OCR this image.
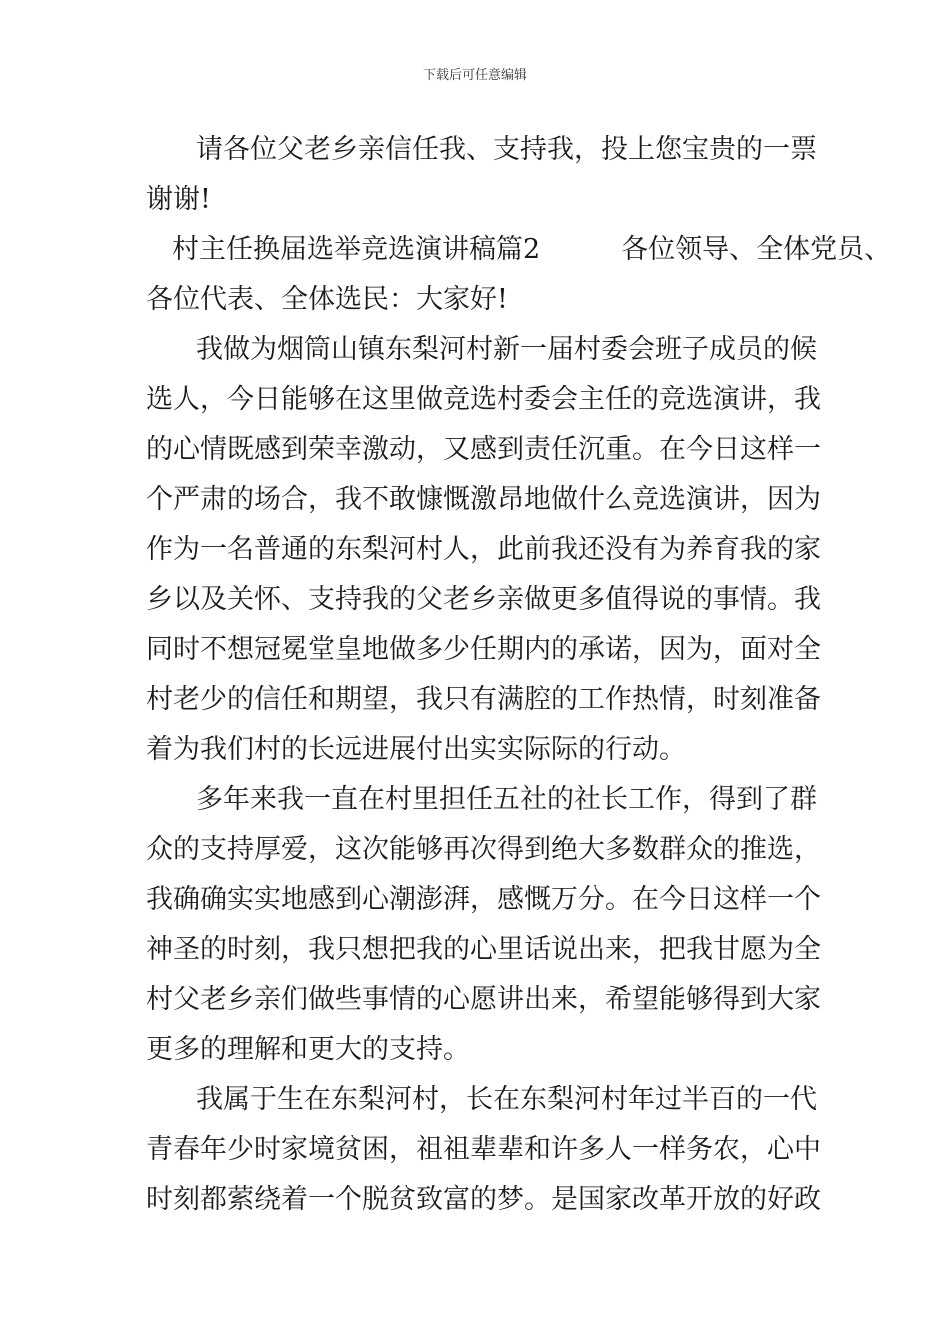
下载后可任意编辑
请各位父老乡亲信任我、支持我，投上您宝贵的一票
谢谢!
村主任换届选举竞选演讲稿篇2　　　各位领导、全体党员、
各位代表、全体选民：大家好!
我做为烟筒山镇东梨河村新一届村委会班子成员的候
选人，今日能够在这里做竞选村委会主任的竞选演讲，我
的心情既感到荣幸激动，又感到责任沉重。在今日这样一
个严肃的场合，我不敢慷慨激昂地做什么竞选演讲，因为
作为一名普通的东梨河村人，此前我还没有为养育我的家
乡以及关怀、支持我的父老乡亲做更多值得说的事情。我
同时不想冠冕堂皇地做多少任期内的承诺，因为，面对全
村老少的信任和期望，我只有满腔的工作热情，时刻准备
着为我们村的长远进展付出实实际际的行动。
多年来我一直在村里担任五社的社长工作，得到了群
众的支持厚爱，这次能够再次得到绝大多数群众的推选，
我确确实实地感到心潮澎湃，感慨万分。在今日这样一个
神圣的时刻，我只想把我的心里话说出来，把我甘愿为全
村父老乡亲们做些事情的心愿讲出来，希望能够得到大家
更多的理解和更大的支持。
我属于生在东梨河村，长在东梨河村年过半百的一代
青春年少时家境贫困，祖祖辈辈和许多人一样务农，心中
时刻都萦绕着一个脱贫致富的梦。是国家改革开放的好政
